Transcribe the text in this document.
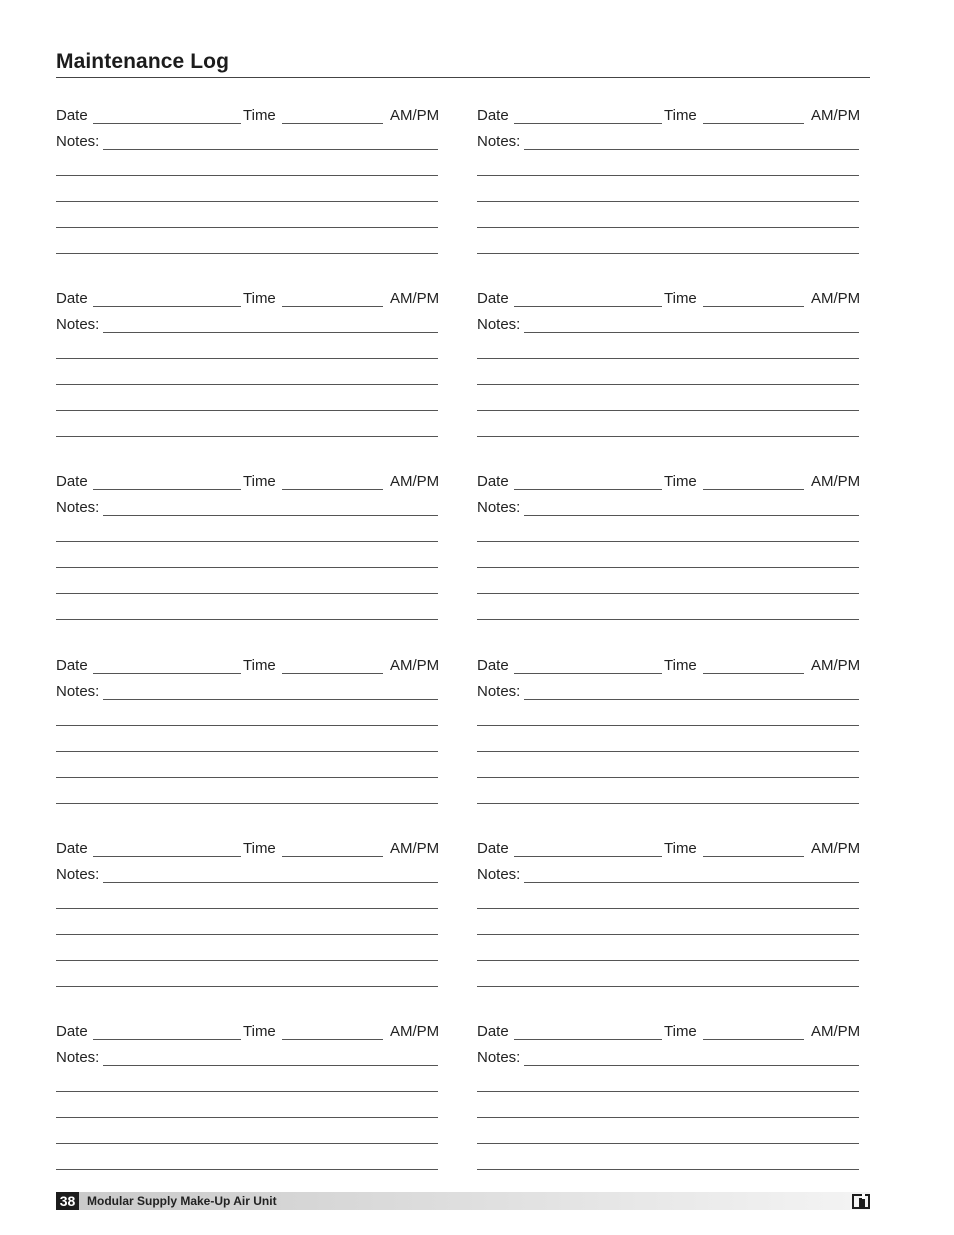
Maintenance Log
Date	Time	AM/PM
Notes:
Date	Time	AM/PM
Notes:
Date	Time	AM/PM
Notes:
Date	Time	AM/PM
Notes:
Date	Time	AM/PM
Notes:
Date	Time	AM/PM
Notes:
Date	Time	AM/PM
Notes:
Date	Time	AM/PM
Notes:
Date	Time	AM/PM
Notes:
Date	Time	AM/PM
Notes:
Date	Time	AM/PM
Notes:
Date	Time	AM/PM
Notes:
38 Modular Supply Make-Up Air Unit
